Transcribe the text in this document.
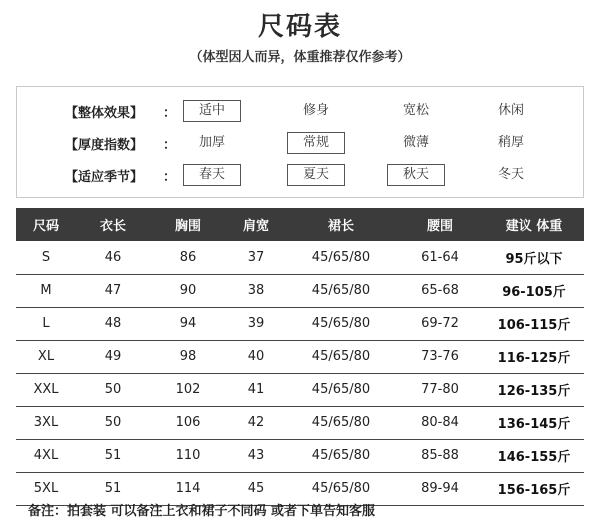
尺码表
（体型因人而异，体重推荐仅作参考）
【整体效果】 ：	适中	修身	宽松	休闲
【厚度指数】 ：	加厚	常规	微薄	稍厚
【适应季节】 ：	春天	夏天	秋天	冬天
尺码	衣长	胸围	肩宽	裙长	腰围	建议 体重
S	46	86	37	45/65/80	61-64	95斤以下
M	47	90	38	45/65/80	65-68	96-105斤
L	48	94	39	45/65/80	69-72	106-115斤
XL	49	98	40	45/65/80	73-76	116-125斤
XXL	50	102	41	45/65/80	77-80	126-135斤
3XL	50	106	42	45/65/80	80-84	136-145斤
4XL	51	110	43	45/65/80	85-88	146-155斤
5XL	51	114	45	45/65/80	89-94	156-165斤
备注：拍套装 可以备注上衣和裙子不同码 或者下单告知客服
